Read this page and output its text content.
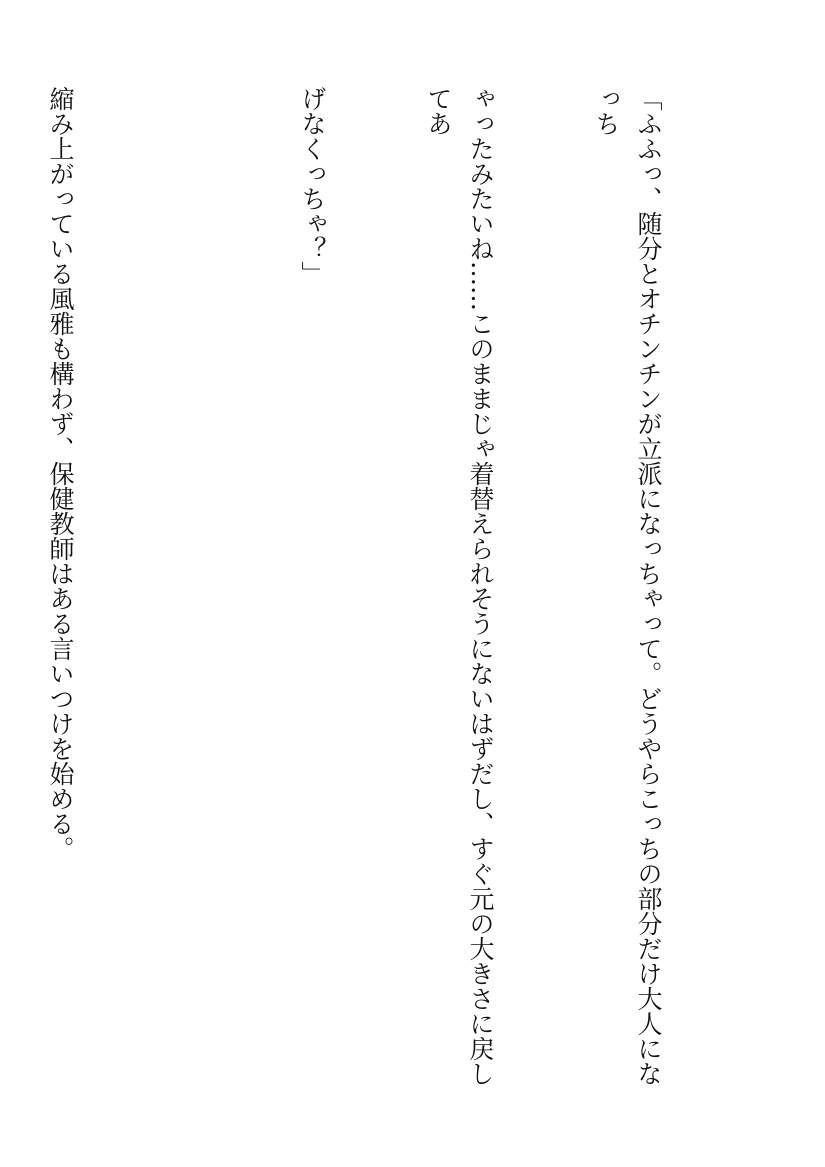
「ふふっ、随分とオチンチンが立派になっちゃって。どうやらこっちの部分だけ大人になっち

ゃったみたいね……このままじゃ着替えられそうにないはずだし、すぐ元の大きさに戻してあ

げなくっちゃ？」

縮み上がっている風雅も構わず、保健教師はある言いつけを始める。
